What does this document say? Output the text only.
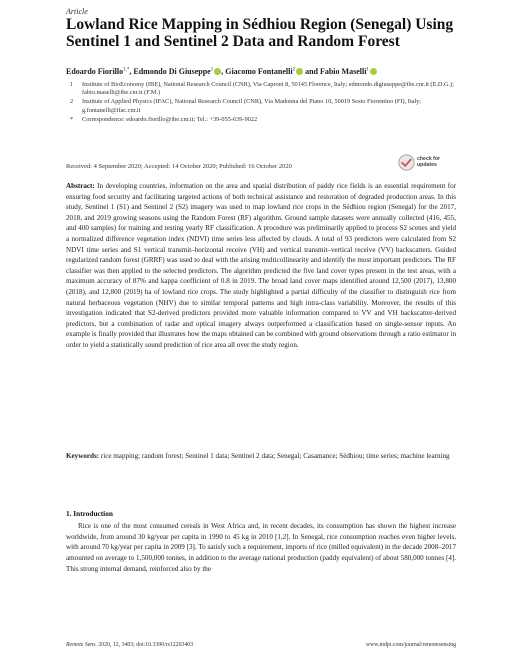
Article
Lowland Rice Mapping in Sédhiou Region (Senegal) Using Sentinel 1 and Sentinel 2 Data and Random Forest
Edoardo Fiorillo$^{1,*}$, Edmondo Di Giuseppe$^1$ , Giacomo Fontanelli$^2$ and Fabio Maselli$^1$
1	Institute of BioEconomy (IBE), National Research Council (CNR), Via Caproni 8, 50145 Florence, Italy; edmondo.digiuseppe@ibe.cnr.it (E.D.G.); fabio.maselli@ibe.cnr.it (F.M.)
2	Institute of Applied Physics (IFAC), National Research Council (CNR), Via Madonna del Piano 10, 50019 Sesto Fiorentino (FI), Italy; g.fontanelli@ifac.cnr.it
*	Correspondence: edoardo.fiorillo@ibe.cnr.it; Tel.: +39-055-639-9022
check for
updates
Received: 4 September 2020; Accepted: 14 October 2020; Published: 16 October 2020

Abstract: In developing countries, information on the area and spatial distribution of paddy rice fields is an essential requirement for ensuring food security and facilitating targeted actions of both technical assistance and restoration of degraded production areas. In this study, Sentinel 1 (S1) and Sentinel 2 (S2) imagery was used to map lowland rice crops in the Sédhiou region (Senegal) for the 2017, 2018, and 2019 growing seasons using the Random Forest (RF) algorithm. Ground sample datasets were annually collected (416, 455, and 400 samples) for training and testing yearly RF classification. A procedure was preliminarily applied to process S2 scenes and yield a normalized difference vegetation index (NDVI) time series less affected by clouds. A total of 93 predictors were calculated from S2 NDVI time series and S1 vertical transmit–horizontal receive (VH) and vertical transmit–vertical receive (VV) backscatters. Guided regularized random forest (GRRF) was used to deal with the arising multicollinearity and identify the most important predictors. The RF classifier was then applied to the selected predictors. The algorithm predicted the five land cover types present in the test areas, with a maximum accuracy of 87% and kappa coefficient of 0.8 in 2019. The broad land cover maps identified around 12,500 (2017), 13,800 (2018), and 12,800 (2019) ha of lowland rice crops. The study highlighted a partial difficulty of the classifier to distinguish rice from natural herbaceous vegetation (NHV) due to similar temporal patterns and high intra-class variability. Moreover, the results of this investigation indicated that S2-derived predictors provided more valuable information compared to VV and VH backscatter-derived predictors, but a combination of radar and optical imagery always outperformed a classification based on single-sensor inputs. An example is finally provided that illustrates how the maps obtained can be combined with ground observations through a ratio estimator in order to yield a statistically sound prediction of rice area all over the study region.

Keywords: rice mapping; random forest; Sentinel 1 data; Sentinel 2 data; Senegal; Casamance; Sédhiou; time series; machine learning

1. Introduction

Rice is one of the most consumed cereals in West Africa and, in recent decades, its consumption has shown the highest increase worldwide, from around 30 kg/year per capita in 1990 to 45 kg in 2010 [1,2]. In Senegal, rice consumption reaches even higher levels, with around 70 kg/year per capita in 2009 [3]. To satisfy such a requirement, imports of rice (milled equivalent) in the decade 2008–2017 amounted on average to 1,500,000 tonnes, in addition to the average national production (paddy equivalent) of about 580,000 tonnes [4]. This strong internal demand, reinforced also by the

Remote Sens. 2020, 12, 3403; doi:10.3390/rs12203403	www.mdpi.com/journal/remotesensing
